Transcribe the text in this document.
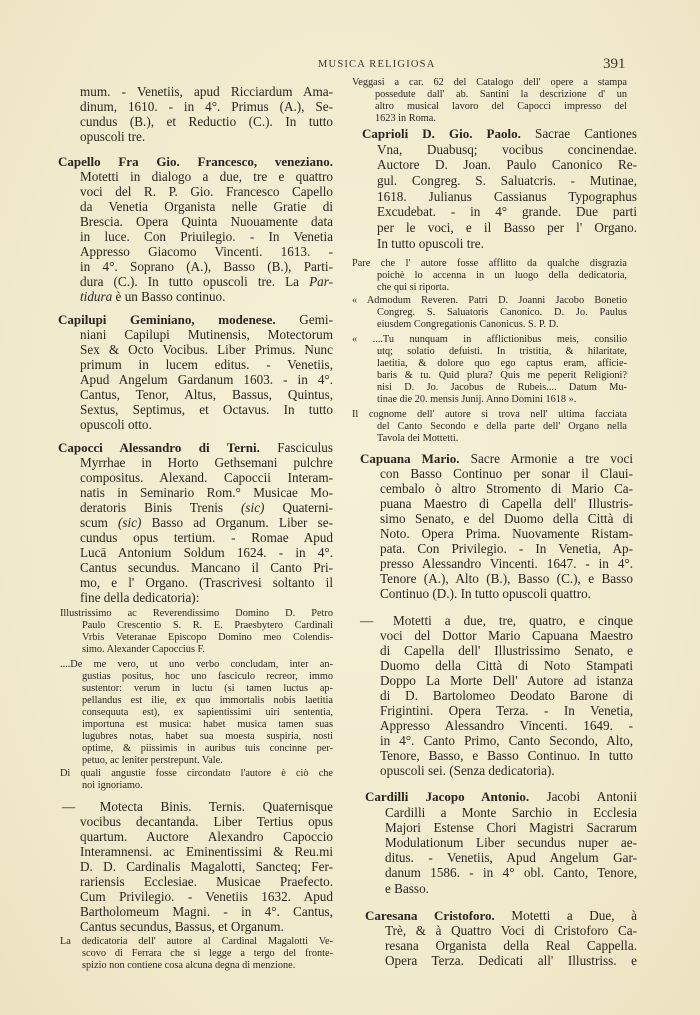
MUSICA RELIGIOSA	391
mum. - Venetiis, apud Ricciardum Ama-
dinum, 1610. - in 4°. Primus (A.), Se-
cundus (B.), et Reductio (C.). In tutto
opuscoli tre.
Capello Fra Gio. Francesco, veneziano.
Motetti in dialogo a due, tre e quattro
voci del R. P. Gio. Francesco Capello
da Venetia Organista nelle Gratie di
Brescia. Opera Quinta Nuouamente data
in luce. Con Priuilegio. - In Venetia
Appresso Giacomo Vincenti. 1613. -
in 4°. Soprano (A.), Basso (B.), Parti-
dura (C.). In tutto opuscoli tre. La Par-
tidura è un Basso continuo.
Capilupi Geminiano, modenese. Gemi-
niani Capilupi Mutinensis, Motectorum
Sex & Octo Vocibus. Liber Primus. Nunc
primum in lucem editus. - Venetiis,
Apud Angelum Gardanum 1603. - in 4°.
Cantus, Tenor, Altus, Bassus, Quintus,
Sextus, Septimus, et Octavus. In tutto
opuscoli otto.
Capocci Alessandro di Terni. Fasciculus
Myrrhae in Horto Gethsemani pulchre
compositus. Alexand. Capoccii Interam-
natis in Seminario Rom.° Musicae Mo-
deratoris Binis Trenis (sic) Quaterni-
scum (sic) Basso ad Organum. Liber se-
cundus opus tertium. - Romae Apud
Lucā Antonium Soldum 1624. - in 4°.
Cantus secundus. Mancano il Canto Pri-
mo, e l' Organo. (Trascrivesi soltanto il
fine della dedicatoria):
Illustrissimo ac Reverendissimo Domino D. Petro
Paulo Crescentio S. R. E. Praesbytero Cardinali
Vrbis Veteranae Episcopo Domino meo Colendis-
simo. Alexander Capoccius F.
....De me vero, ut uno verbo concludam, inter an-
gustias positus, hoc uno fasciculo recreor, immo
sustentor: verum in luctu (si tamen luctus ap-
pellandus est ilie, ex quo immortalis nobis laetitia
consequuta est), ex sapientissimi uiri sententia,
importuna est musica: habet musica tamen suas
lugubres notas, habet sua moesta suspiria, nosti
optime, & piissimis in auribus tuis concinne per-
petuo, ac leniter perstrepunt. Vale.
Di quali angustie fosse circondato l'autore è ciò che
noi ignoriamo.
— Motecta Binis. Ternis. Quaternisque
vocibus decantanda. Liber Tertius opus
quartum. Auctore Alexandro Capoccio
Interamnensi. ac Eminentissimi & Reu.mi
D. D. Cardinalis Magalotti, Sancteq; Fer-
rariensis Ecclesiae. Musicae Praefecto.
Cum Privilegio. - Venetiis 1632. Apud
Bartholomeum Magni. - in 4°. Cantus,
Cantus secundus, Bassus, et Organum.
La dedicatoria dell' autore al Cardinal Magalotti Ve-
scovo di Ferrara che si legge a tergo del fronte-
spizio non contiene cosa alcuna degna di menzione.
Veggasi a car. 62 del Catalogo dell' opere a stampa
possedute dall' ab. Santini la descrizione d' un
altro musical lavoro del Capocci impresso del
1623 in Roma.
Caprioli D. Gio. Paolo. Sacrae Cantiones
Vna, Duabusq; vocibus concinendae.
Auctore D. Joan. Paulo Canonico Re-
gul. Congreg. S. Saluatcris. - Mutinae,
1618. Julianus Cassianus Typographus
Excudebat. - in 4° grande. Due parti
per le voci, e il Basso per l' Organo.
In tutto opuscoli tre.
Pare che l' autore fosse afflitto da qualche disgrazia
poichè lo accenna in un luogo della dedicatoria,
che qui si riporta.
« Admodum Reveren. Patri D. Joanni Jacobo Bonetio
Congreg. S. Saluatoris Canonico. D. Jo. Paulus
eiusdem Congregationis Canonicus. S. P. D.
« ....Tu nunquam in afflictionibus meis, consilio
utq; solatio defuisti. In tristitia, & hilaritate,
laetitia, & dolore quo ego captus eram, afficie-
baris & tu. Quid plura? Quis me peperit Religioni?
nisi D. Jo. Jacobus de Rubeis.... Datum Mu-
tinae die 20. mensis Junij. Anno Domini 1618 ».
Il cognome dell' autore si trova nell' ultima facciata
del Canto Secondo e della parte dell' Organo nella
Tavola dei Mottetti.
Capuana Mario. Sacre Armonie a tre voci
con Basso Continuo per sonar il Claui-
cembalo ò altro Stromento di Mario Ca-
puana Maestro di Capella dell' Illustris-
simo Senato, e del Duomo della Città di
Noto. Opera Prima. Nuovamente Ristam-
pata. Con Privilegio. - In Venetia, Ap-
presso Alessandro Vincenti. 1647. - in 4°.
Tenore (A.), Alto (B.), Basso (C.), e Basso
Continuo (D.). In tutto opuscoli quattro.
— Motetti a due, tre, quatro, e cinque
voci del Dottor Mario Capuana Maestro
di Capella dell' Illustrissimo Senato, e
Duomo della Città di Noto Stampati
Doppo La Morte Dell' Autore ad istanza
di D. Bartolomeo Deodato Barone di
Frigintini. Opera Terza. - In Venetia,
Appresso Alessandro Vincenti. 1649. -
in 4°. Canto Primo, Canto Secondo, Alto,
Tenore, Basso, e Basso Continuo. In tutto
opuscoli sei. (Senza dedicatoria).
Cardilli Jacopo Antonio. Jacobi Antonii
Cardilli a Monte Sarchio in Ecclesia
Majori Estense Chori Magistri Sacrarum
Modulationum Liber secundus nuper ae-
ditus. - Venetiis, Apud Angelum Gar-
danum 1586. - in 4° obl. Canto, Tenore,
e Basso.
Caresana Cristoforo. Motetti a Due, à
Trè, & à Quattro Voci di Cristoforo Ca-
resana Organista della Real Cappella.
Opera Terza. Dedicati all' Illustriss. e
